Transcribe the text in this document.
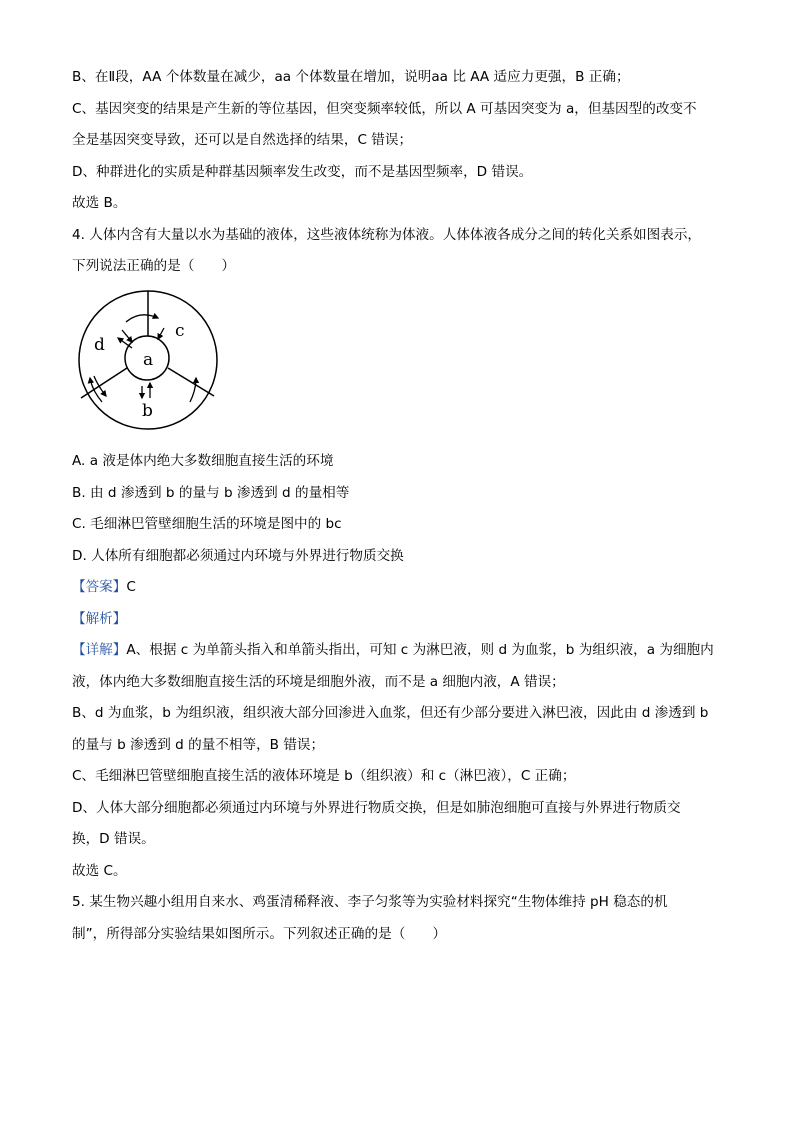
B、在Ⅱ段，AA 个体数量在减少，aa 个体数量在增加，说明aa 比 AA 适应力更强，B 正确；
C、基因突变的结果是产生新的等位基因，但突变频率较低，所以 A 可基因突变为 a，但基因型的改变不
全是基因突变导致，还可以是自然选择的结果，C 错误；
D、种群进化的实质是种群基因频率发生改变，而不是基因型频率，D 错误。
故选 B。
4. 人体内含有大量以水为基础的液体，这些液体统称为体液。人体体液各成分之间的转化关系如图表示，
下列说法正确的是（　　）
a
b
c
d
A. a 液是体内绝大多数细胞直接生活的环境
B. 由 d 渗透到 b 的量与 b 渗透到 d 的量相等
C. 毛细淋巴管壁细胞生活的环境是图中的 bc
D. 人体所有细胞都必须通过内环境与外界进行物质交换
【答案】C
【解析】
【详解】A、根据 c 为单箭头指入和单箭头指出，可知 c 为淋巴液，则 d 为血浆，b 为组织液，a 为细胞内
液，体内绝大多数细胞直接生活的环境是细胞外液，而不是 a 细胞内液，A 错误；
B、d 为血浆，b 为组织液，组织液大部分回渗进入血浆，但还有少部分要进入淋巴液，因此由 d 渗透到 b
的量与 b 渗透到 d 的量不相等，B 错误；
C、毛细淋巴管壁细胞直接生活的液体环境是 b（组织液）和 c（淋巴液），C 正确；
D、人体大部分细胞都必须通过内环境与外界进行物质交换，但是如肺泡细胞可直接与外界进行物质交
换，D 错误。
故选 C。
5. 某生物兴趣小组用自来水、鸡蛋清稀释液、李子匀浆等为实验材料探究“生物体维持 pH 稳态的机
制”，所得部分实验结果如图所示。下列叙述正确的是（　　）
